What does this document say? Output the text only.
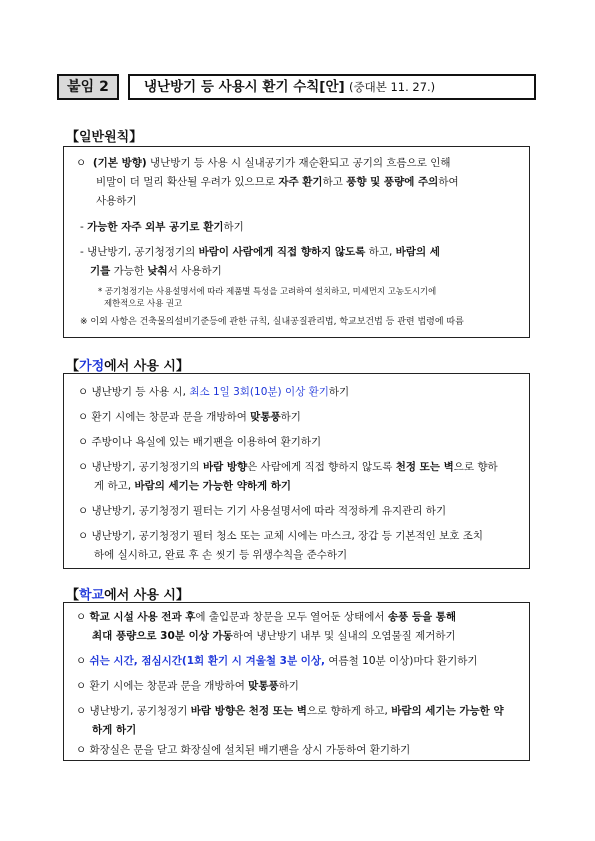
붙임 2	냉난방기 등 사용시 환기 수칙[안] (중대본 11. 27.)
【일반원칙】
ㅇ (기본 방향) 냉난방기 등 사용 시 실내공기가 재순환되고 공기의 흐름으로 인해
비말이 더 멀리 확산될 우려가 있으므로 자주 환기하고 풍향 및 풍량에 주의하여
사용하기
- 가능한 자주 외부 공기로 환기하기
- 냉난방기, 공기청정기의 바람이 사람에게 직접 향하지 않도록 하고, 바람의 세
기를 가능한 낮춰서 사용하기
* 공기청정기는 사용설명서에 따라 제품별 특성을 고려하여 설치하고, 미세먼지 고농도시기에
제한적으로 사용 권고
※ 이외 사항은 건축물의설비기준등에 관한 규칙, 실내공질관리법, 학교보건법 등 관련 법령에 따름
【가정에서 사용 시】
ㅇ 냉난방기 등 사용 시, 최소 1일 3회(10분) 이상 환기하기
ㅇ 환기 시에는 창문과 문을 개방하여 맞통풍하기
ㅇ 주방이나 욕실에 있는 배기팬을 이용하여 환기하기
ㅇ 냉난방기, 공기청정기의 바람 방향은 사람에게 직접 향하지 않도록 천정 또는 벽으로 향하
게 하고, 바람의 세기는 가능한 약하게 하기
ㅇ 냉난방기, 공기청정기 필터는 기기 사용설명서에 따라 적정하게 유지관리 하기
ㅇ 냉난방기, 공기청정기 필터 청소 또는 교체 시에는 마스크, 장갑 등 기본적인 보호 조치
하에 실시하고, 완료 후 손 씻기 등 위생수칙을 준수하기
【학교에서 사용 시】
ㅇ 학교 시설 사용 전과 후에 출입문과 창문을 모두 열어둔 상태에서 송풍 등을 통해
최대 풍량으로 30분 이상 가동하여 냉난방기 내부 및 실내의 오염물질 제거하기
ㅇ 쉬는 시간, 점심시간(1회 환기 시 겨울철 3분 이상, 여름철 10분 이상)마다 환기하기
ㅇ 환기 시에는 창문과 문을 개방하여 맞통풍하기
ㅇ 냉난방기, 공기청정기 바람 방향은 천정 또는 벽으로 향하게 하고, 바람의 세기는 가능한 약
하게 하기
ㅇ 화장실은 문을 닫고 화장실에 설치된 배기팬을 상시 가동하여 환기하기
